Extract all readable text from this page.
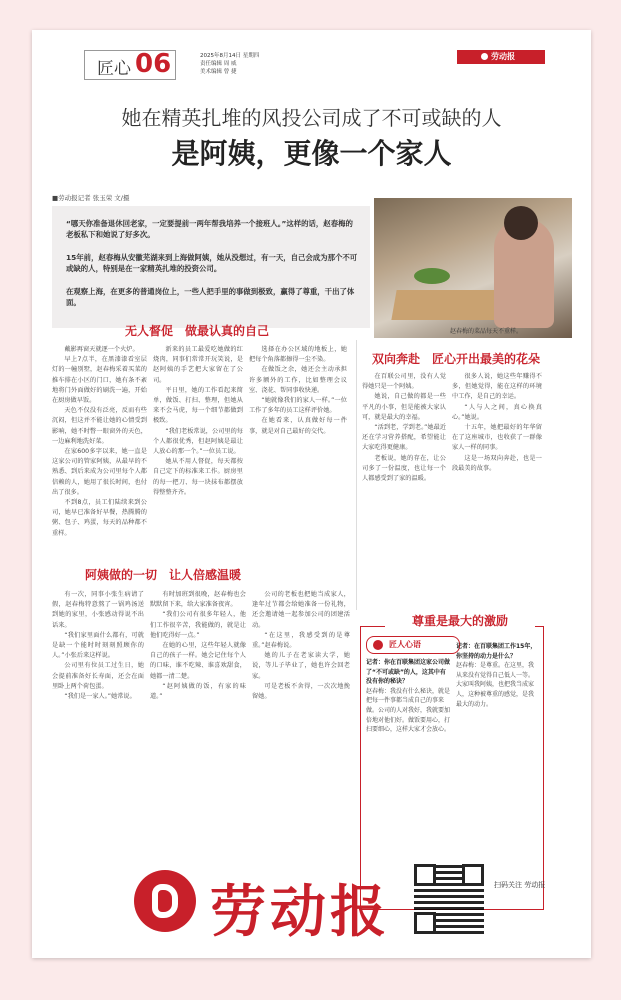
匠心 06	2025年8月14日 星期四
责任编辑 周 威
美术编辑 曾 捷
劳动报
她在精英扎堆的风投公司成了不可或缺的人
是阿姨，更像一个家人
■劳动报记者 张玉荣 文/摄

“哪天你准备退休回老家，一定要提前一两年帮我培养一个接班人。”这样的话，赵春梅的老板私下和她说了好多次。

15年前，赵春梅从安徽芜湖来到上海做阿姨，她从没想过，有一天，自己会成为那个不可或缺的人，特别是在一家精英扎堆的投资公司。

在观察上海，在更多的普通岗位上，一些人把手里的事做到极致，赢得了尊重，干出了体面。

赵春梅的菜品每天不重样。
无人督促　做最认真的自己

戴影再窗天就逐一个火炉。

早上7点半，在黑漆漆看室层灯的一幢别墅，赵春梅采着买菜的推车排在小区的门口，她有条不紊地将门外面做好的刷洗一遍，开始在厨房做早饭。

天色不仅没有泛亮，反而有些沉闷，但这并不能让她的心情受到影响，她不时瞥一眼窗外的天色，一边麻利地洗好菜。

在家600多字以来，她一直是这家公司的管家阿姨，从最早的不熟悉、到后来成为公司里每个人都信赖的人，她用了很长时间，也付出了很多。

不到8点，员工们陆续来到公司，她早已准备好早餐，热腾腾的粥、包子、鸡蛋，每天的品种都不重样。

新来的员工最爱吃她做的红烧肉，同事们常常开玩笑说，是赵阿姨的手艺把大家留在了公司。

平日里，她的工作看起来简单，做饭、打扫、整理，但她从来不会马虎，每一个细节都做到极致。

“我们老板常说，公司里的每个人都很优秀，但赵阿姨是最让人放心的那一个。”一位员工说。

她从不用人督促，每天都按自己定下的标准来工作。厨房里的每一把刀、每一块抹布都摆放得整整齐齐。

选择在办公区域的地板上，她把每个角落都擦得一尘不染。

在做饭之余，她还会主动承担许多额外的工作，比如整理会议室、浇花、帮同事收快递。

“她就像我们的家人一样。”一位工作了多年的员工这样评价她。

在她看来，认真做好每一件事，就是对自己最好的交代。

双向奔赴　匠心开出最美的花朵

在百联公司里，没有人觉得她只是一个阿姨。

她说，自己做的都是一些平凡的小事，但是能被大家认可，就是最大的幸福。

“活到老，学到老。”她最近还在学习营养搭配，希望能让大家吃得更健康。

老板说，她的存在，让公司多了一份温度，也让每一个人都感受到了家的温暖。

很多人说，她这些年赚得不多，但她觉得，能在这样的环境中工作，是自己的幸运。

“人与人之间，真心换真心。”她说。

十五年，她把最好的年华留在了这座城市，也收获了一群像家人一样的同事。

这是一场双向奔赴，也是一段最美的故事。

阿姨做的一切　让人倍感温暖

有一次，同事小张生病请了假，赵春梅特意熬了一锅鸡汤送到她的家里，小张感动得说不出话来。

“我们家里面什么都有，可就是缺一个能时时刻刻照顾你的人。”小张后来这样说。

公司里有位员工过生日，她会提前准备好长寿面，还会在面里卧上两个荷包蛋。

“我们是一家人。”她常说。

有时加班到很晚，赵春梅也会默默留下来，给大家准备夜宵。

“我们公司有很多年轻人，他们工作很辛苦，我能做的，就是让他们吃得好一点。”

在她的心里，这些年轻人就像自己的孩子一样。她会记住每个人的口味，谁不吃辣、谁喜欢甜食，她都一清二楚。

“赵阿姨做的饭，有家的味道。”

公司的老板也把她当成家人，逢年过节都会给她准备一份礼物，还会邀请她一起参加公司的团建活动。

“在这里，我感受到的是尊重。”赵春梅说。

她的儿子在老家读大学，她说，等儿子毕业了，她也许会回老家。

可是老板不舍得，一次次地挽留她。

尊重是最大的激励
匠人心语
记者：你在百联集团这家公司做了“不可或缺”的人，这其中有没有你的秘诀？
赵春梅：我没有什么秘诀，就是把每一件事都当成自己的事来做。公司的人对我好，我就要加倍地对他们好。做饭要用心，打扫要细心，这样大家才会放心。
记者：在百联集团工作15年，你坚持的动力是什么？
赵春梅：是尊重。在这里，我从来没有觉得自己低人一等。大家叫我阿姨，也把我当成家人，这种被尊重的感觉，是我最大的动力。
劳动报	扫码关注 劳动报
